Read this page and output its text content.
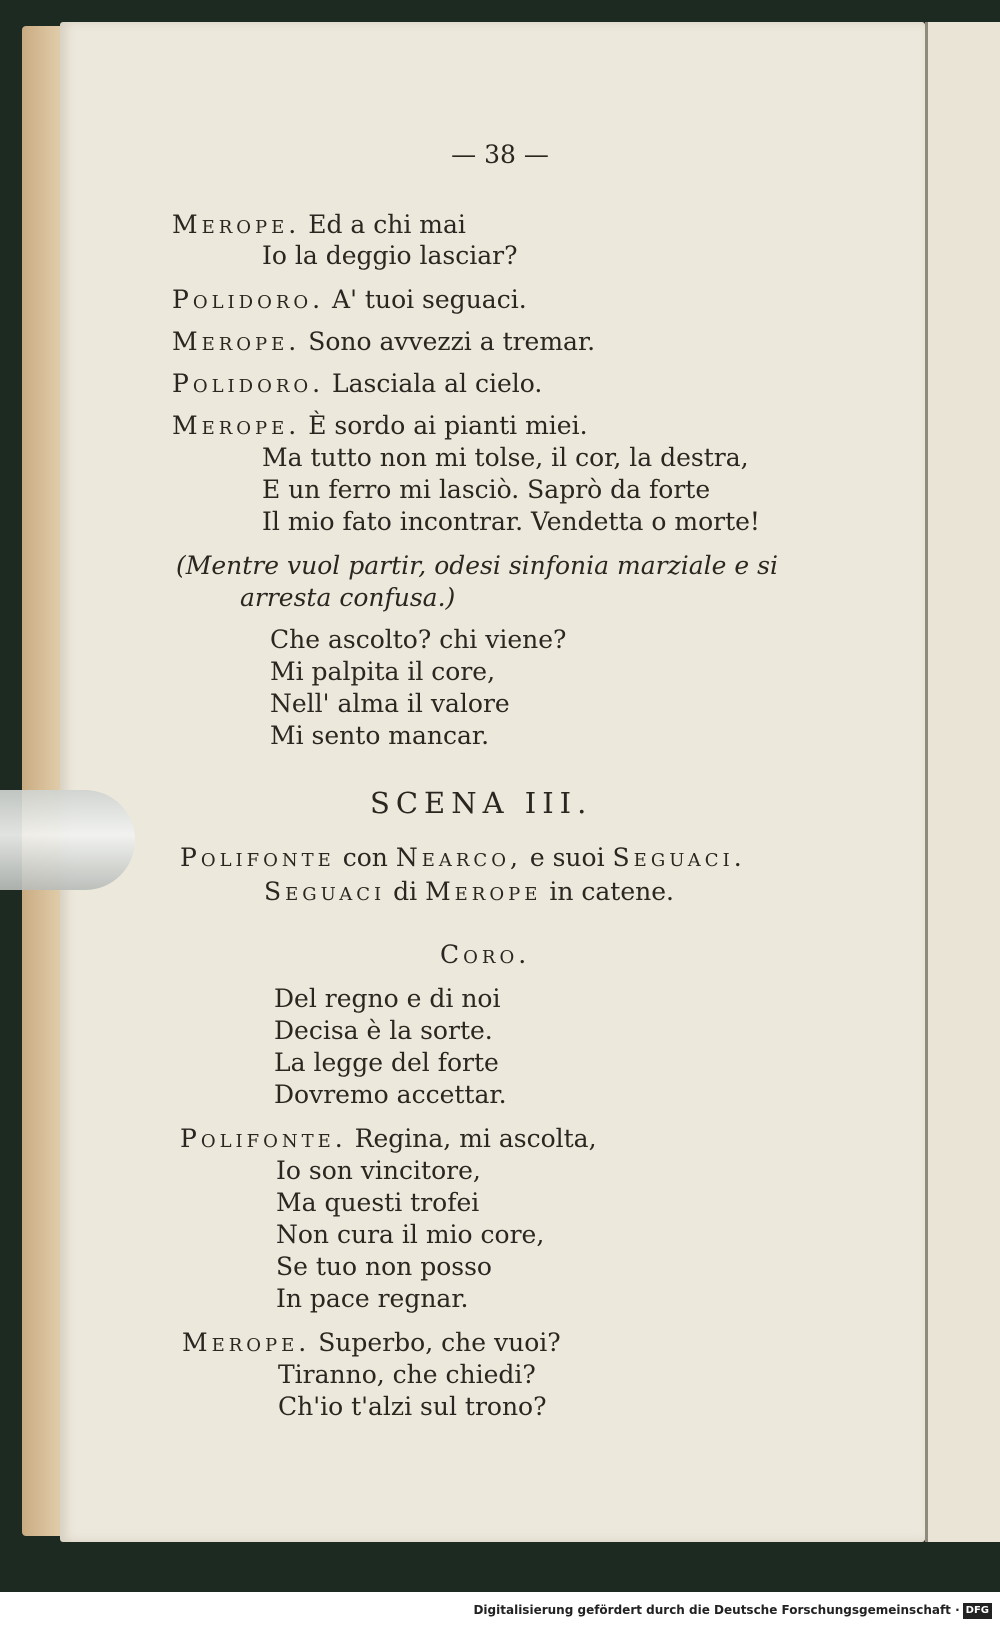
— 38 —
Merope. Ed a chi mai
Io la deggio lasciar?
Polidoro. A' tuoi seguaci.
Merope. Sono avvezzi a tremar.
Polidoro. Lasciala al cielo.
Merope. È sordo ai pianti miei.
Ma tutto non mi tolse, il cor, la destra,
E un ferro mi lasciò. Saprò da forte
Il mio fato incontrar. Vendetta o morte!
(Mentre vuol partir, odesi sinfonia marziale e si
arresta confusa.)
Che ascolto? chi viene?
Mi palpita il core,
Nell' alma il valore
Mi sento mancar.
SCENA III.
Polifonte con Nearco, e suoi Seguaci.
Seguaci di Merope in catene.
Coro.
Del regno e di noi
Decisa è la sorte.
La legge del forte
Dovremo accettar.
Polifonte. Regina, mi ascolta,
Io son vincitore,
Ma questi trofei
Non cura il mio core,
Se tuo non posso
In pace regnar.
Merope. Superbo, che vuoi?
Tiranno, che chiedi?
Ch'io t'alzi sul trono?
Digitalisierung gefördert durch die Deutsche Forschungsgemeinschaft · DFG
